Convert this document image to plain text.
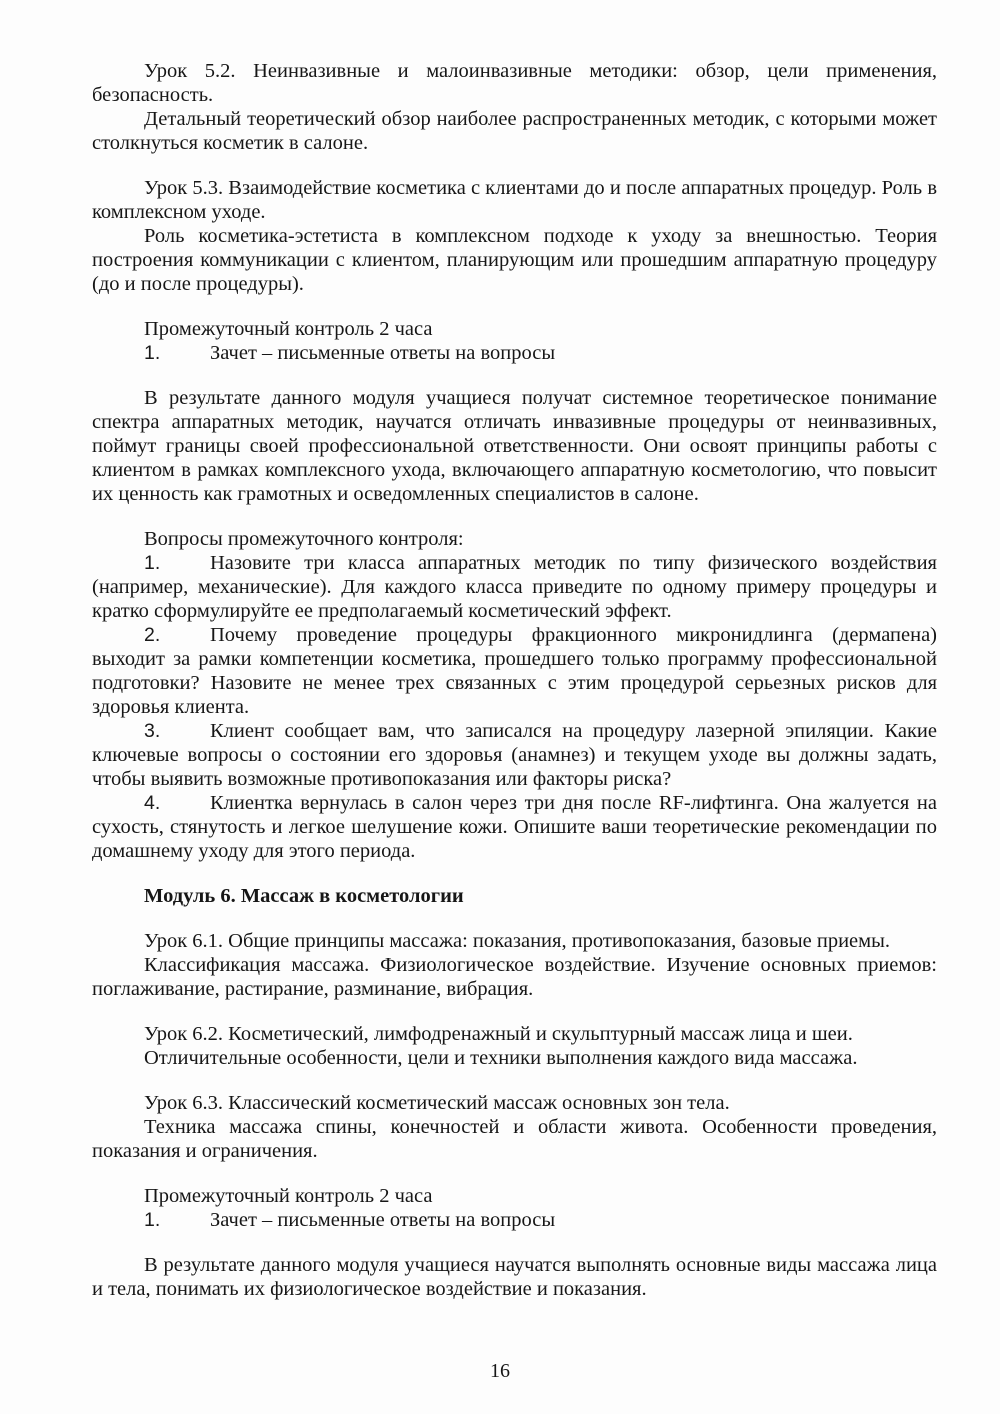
Урок 5.2. Неинвазивные и малоинвазивные методики: обзор, цели применения, безопасность.

Детальный теоретический обзор наиболее распространенных методик, с которыми может столкнуться косметик в салоне.

Урок 5.3. Взаимодействие косметика с клиентами до и после аппаратных процедур. Роль в комплексном уходе.

Роль косметика-эстетиста в комплексном подходе к уходу за внешностью. Теория построения коммуникации с клиентом, планирующим или прошедшим аппаратную процедуру (до и после процедуры).

Промежуточный контроль 2 часа

1. Зачет – письменные ответы на вопросы

В результате данного модуля учащиеся получат системное теоретическое понимание спектра аппаратных методик, научатся отличать инвазивные процедуры от неинвазивных, поймут границы своей профессиональной ответственности. Они освоят принципы работы с клиентом в рамках комплексного ухода, включающего аппаратную косметологию, что повысит их ценность как грамотных и осведомленных специалистов в салоне.

Вопросы промежуточного контроля:

1. Назовите три класса аппаратных методик по типу физического воздействия (например, механические). Для каждого класса приведите по одному примеру процедуры и кратко сформулируйте ее предполагаемый косметический эффект.

2. Почему проведение процедуры фракционного микронидлинга (дермапена) выходит за рамки компетенции косметика, прошедшего только программу профессиональной подготовки? Назовите не менее трех связанных с этим процедурой серьезных рисков для здоровья клиента.

3. Клиент сообщает вам, что записался на процедуру лазерной эпиляции. Какие ключевые вопросы о состоянии его здоровья (анамнез) и текущем уходе вы должны задать, чтобы выявить возможные противопоказания или факторы риска?

4. Клиентка вернулась в салон через три дня после RF-лифтинга. Она жалуется на сухость, стянутость и легкое шелушение кожи. Опишите ваши теоретические рекомендации по домашнему уходу для этого периода.

Модуль 6. Массаж в косметологии

Урок 6.1. Общие принципы массажа: показания, противопоказания, базовые приемы.

Классификация массажа. Физиологическое воздействие. Изучение основных приемов: поглаживание, растирание, разминание, вибрация.

Урок 6.2. Косметический, лимфодренажный и скульптурный массаж лица и шеи.

Отличительные особенности, цели и техники выполнения каждого вида массажа.

Урок 6.3. Классический косметический массаж основных зон тела.

Техника массажа спины, конечностей и области живота. Особенности проведения, показания и ограничения.

Промежуточный контроль 2 часа

1. Зачет – письменные ответы на вопросы

В результате данного модуля учащиеся научатся выполнять основные виды массажа лица и тела, понимать их физиологическое воздействие и показания.

16
